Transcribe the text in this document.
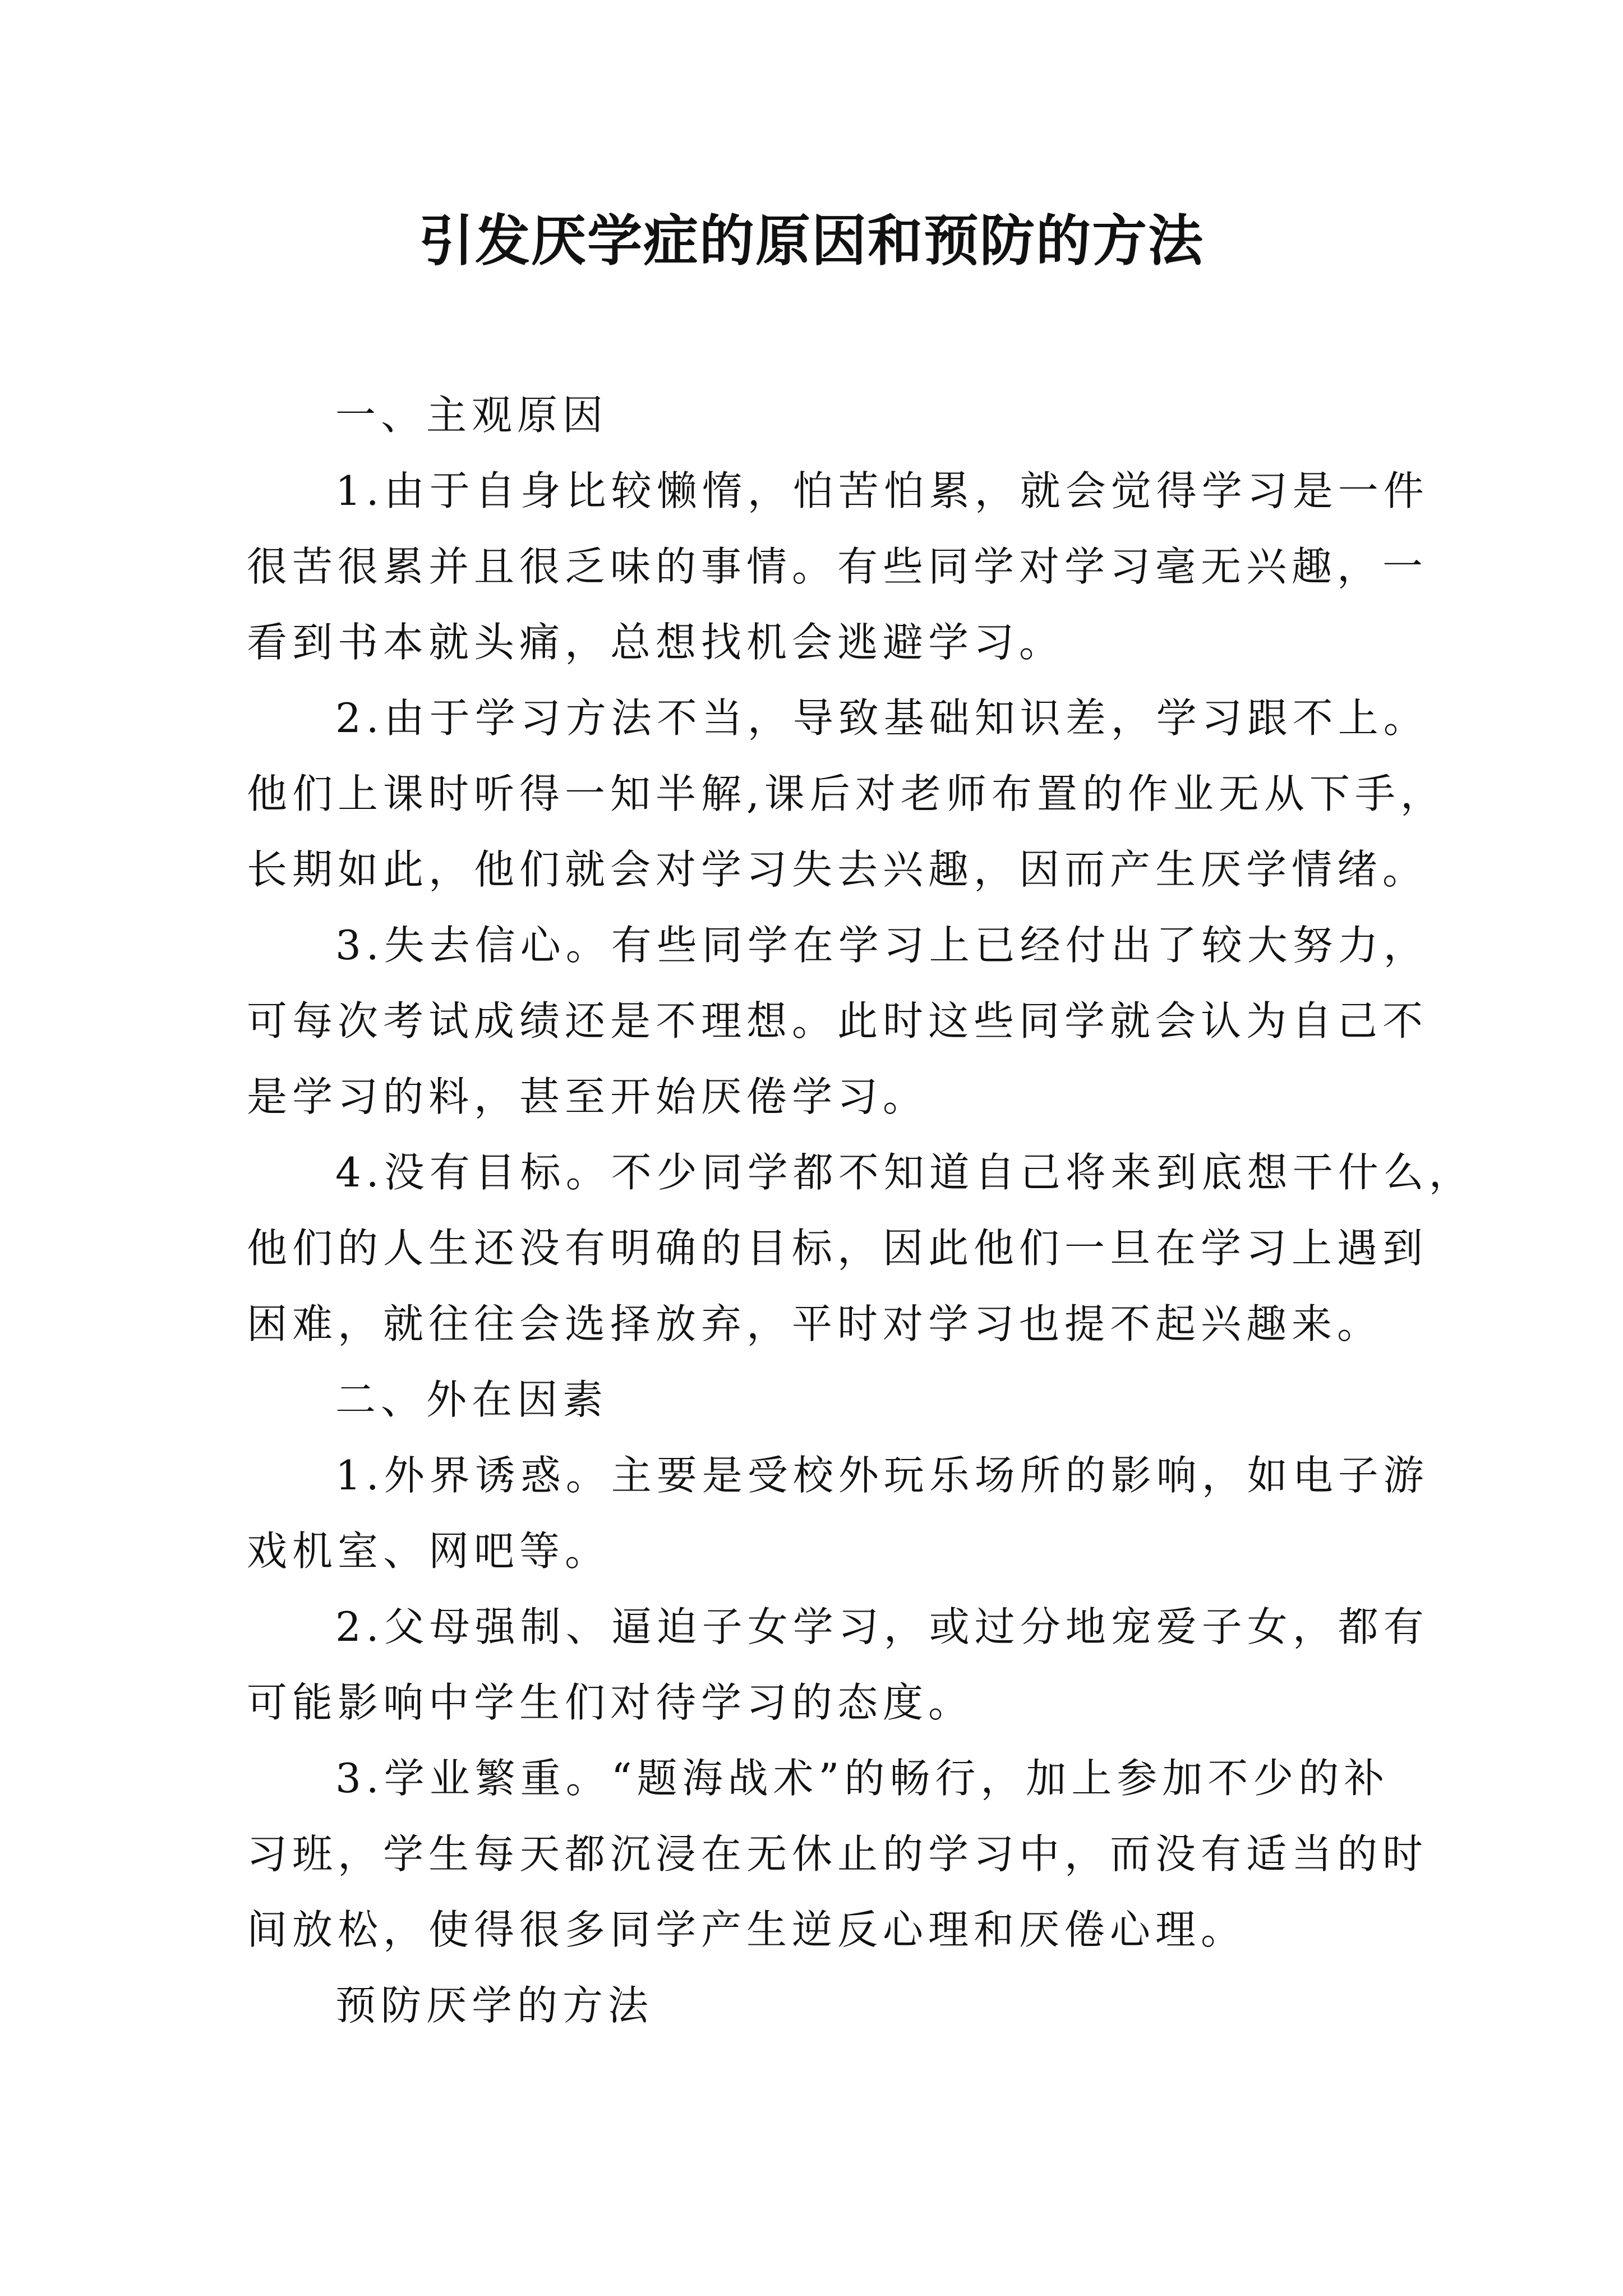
引发厌学症的原因和预防的方法
一、主观原因
1.由于自身比较懒惰，怕苦怕累，就会觉得学习是一件
很苦很累并且很乏味的事情。有些同学对学习毫无兴趣，一
看到书本就头痛，总想找机会逃避学习。
2.由于学习方法不当，导致基础知识差，学习跟不上。
他们上课时听得一知半解,课后对老师布置的作业无从下手，
长期如此，他们就会对学习失去兴趣，因而产生厌学情绪。
3.失去信心。有些同学在学习上已经付出了较大努力，
可每次考试成绩还是不理想。此时这些同学就会认为自己不
是学习的料，甚至开始厌倦学习。
4.没有目标。不少同学都不知道自己将来到底想干什么，
他们的人生还没有明确的目标，因此他们一旦在学习上遇到
困难，就往往会选择放弃，平时对学习也提不起兴趣来。
二、外在因素
1.外界诱惑。主要是受校外玩乐场所的影响，如电子游
戏机室、网吧等。
2.父母强制、逼迫子女学习，或过分地宠爱子女，都有
可能影响中学生们对待学习的态度。
3.学业繁重。“题海战术”的畅行，加上参加不少的补
习班，学生每天都沉浸在无休止的学习中，而没有适当的时
间放松，使得很多同学产生逆反心理和厌倦心理。
预防厌学的方法
